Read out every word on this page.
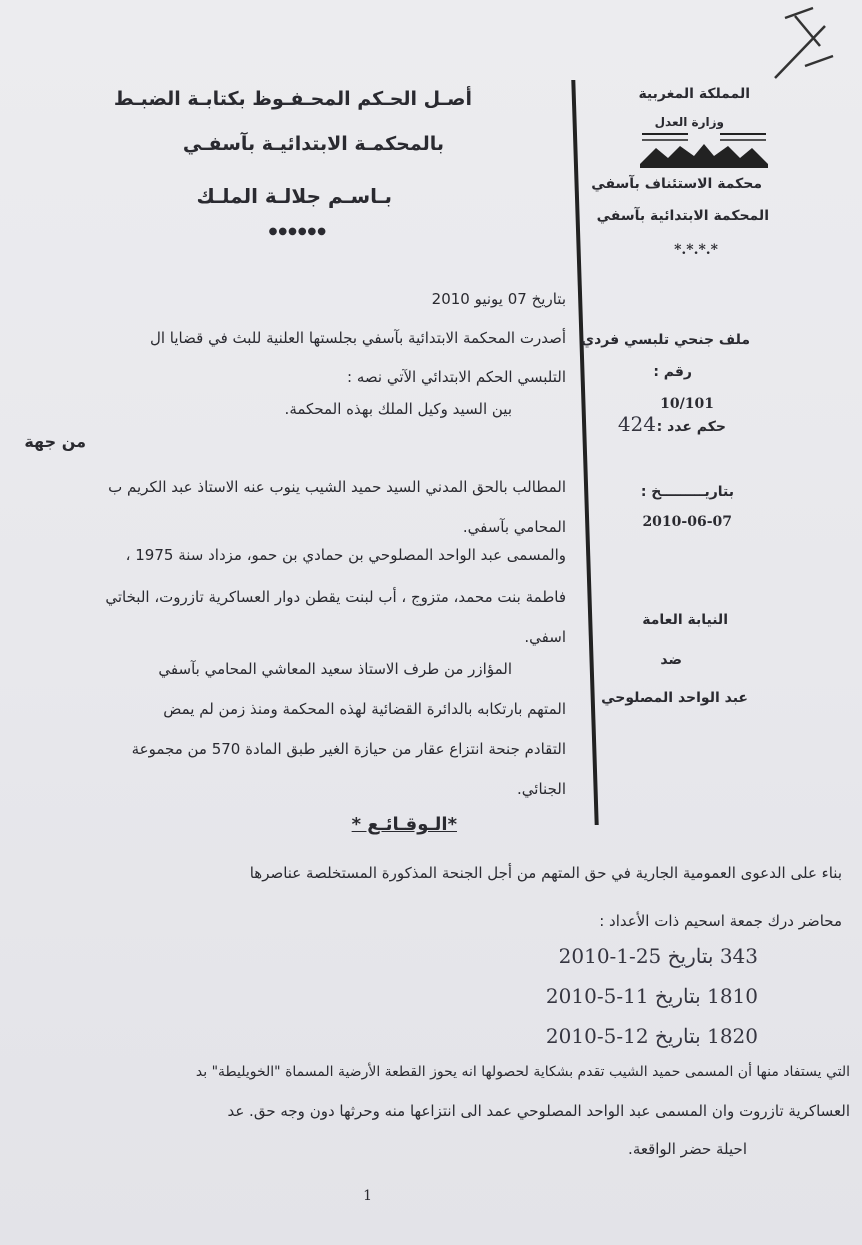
أصـل الحـكم المحـفـوظ بكتابـة الضبـط
بالمحكمـة الابتدائيـة بآسفـي
بـاسـم جلالـة الملـك
●●●●●●
المملكة المغربية
وزارة العدل
محكمة الاستئناف بآسفي
المحكمة الابتدائية بآسفي
*.*.*.*
ملف جنحي تلبسي فردي
رقم :
10/101
حكم عدد :
424
بتاريـــــــــخ :
2010-06-07
النيابة العامة
ضد
عبد الواحد المصلوحي
بتاريخ 07 يونيو 2010
أصدرت المحكمة الابتدائية بآسفي بجلستها العلنية للبث في قضايا ال
التلبسي الحكم الابتدائي الآتي نصه :
بين السيد وكيل الملك بهذه المحكمة.
من جهة
المطالب بالحق المدني السيد حميد الشيب ينوب عنه الاستاذ عبد الكريم ب
المحامي بآسفي.
والمسمى عبد الواحد المصلوحي بن حمادي بن حمو، مزداد سنة 1975 ،
فاطمة بنت محمد، متزوج ، أب لبنت يقطن دوار العساكرية تازروت، البخاتي
اسفي.
المؤازر من طرف الاستاذ سعيد المعاشي المحامي بآسفي
المتهم بارتكابه بالدائرة القضائية لهذه المحكمة ومنذ زمن لم يمض
التقادم جنحة انتزاع عقار من حيازة الغير طبق المادة 570 من مجموعة
الجنائي.
*الـوقـائـع *
بناء على الدعوى العمومية الجارية في حق المتهم من أجل الجنحة المذكورة المستخلصة عناصرها
محاضر درك جمعة اسحيم ذات الأعداد :
343 بتاريخ 25-1-2010
1810 بتاريخ 11-5-2010
1820 بتاريخ 12-5-2010
التي يستفاد منها أن المسمى حميد الشيب تقدم بشكاية لحصولها انه يحوز القطعة الأرضية المسماة "الخويليطة" بد
العساكرية تازروت وان المسمى عبد الواحد المصلوحي عمد الى انتزاعها منه وحرثها دون وجه حق. عد
احيلة حضر الواقعة.
1
